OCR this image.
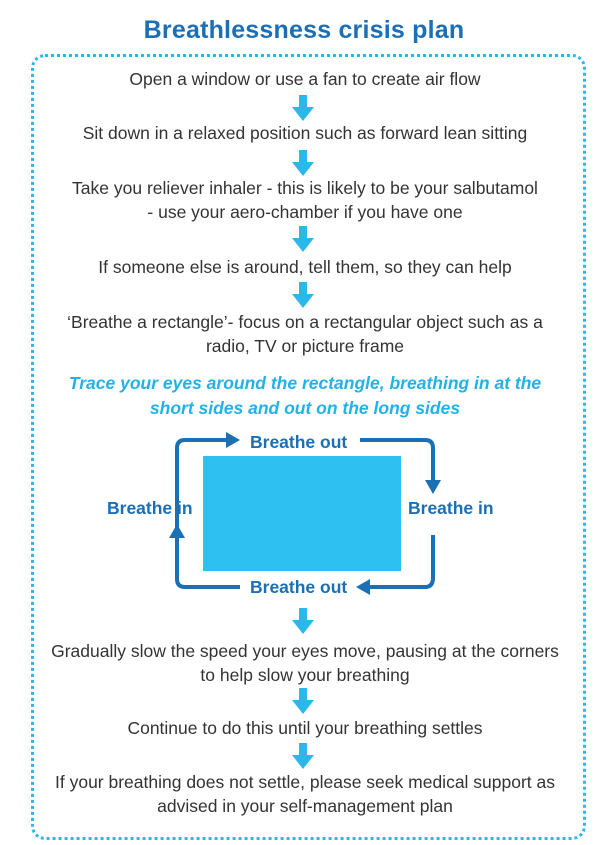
Breathlessness crisis plan
Open a window or use a fan to create air flow
Sit down in a relaxed position such as forward lean sitting
Take you reliever inhaler - this is likely to be your salbutamol - use your aero-chamber if you have one
If someone else is around, tell them, so they can help
‘Breathe a rectangle’- focus on a rectangular object such as a radio, TV or picture frame
Trace your eyes around the rectangle, breathing in at the short sides and out on the long sides
Breathe out
Breathe out
Breathe in	Breathe in
Gradually slow the speed your eyes move, pausing at the corners to help slow your breathing
Continue to do this until your breathing settles
If your breathing does not settle, please seek medical support as advised in your self-management plan
